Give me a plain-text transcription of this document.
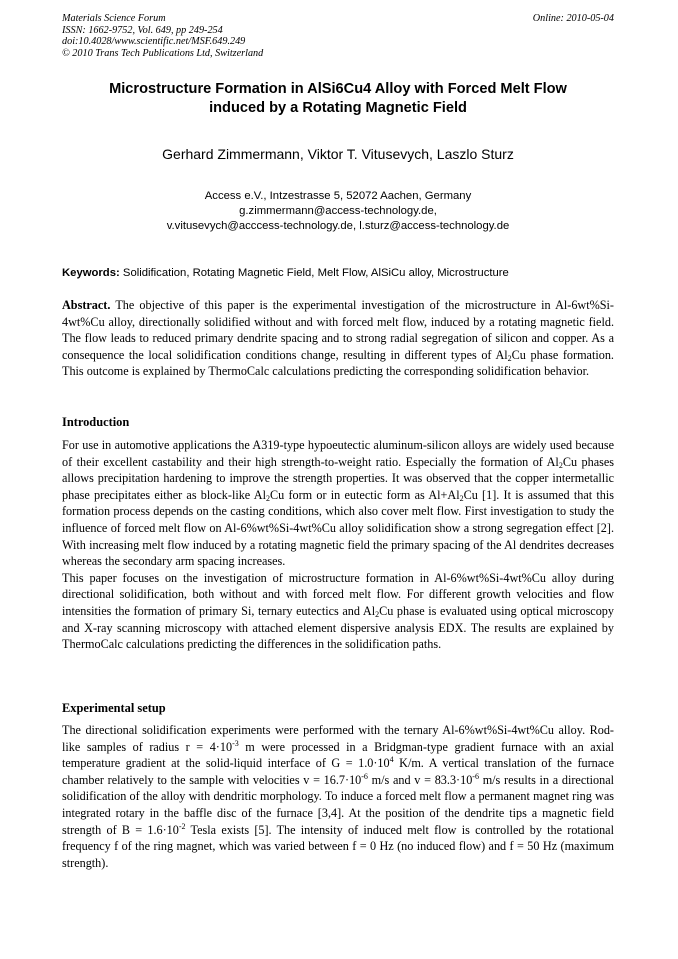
Materials Science Forum
ISSN: 1662-9752, Vol. 649, pp 249-254
doi:10.4028/www.scientific.net/MSF.649.249
© 2010 Trans Tech Publications Ltd, Switzerland
Online: 2010-05-04
Microstructure Formation in AlSi6Cu4 Alloy with Forced Melt Flow
induced by a Rotating Magnetic Field
Gerhard Zimmermann, Viktor T. Vitusevych, Laszlo Sturz
Access e.V., Intzestrasse 5, 52072 Aachen, Germany
g.zimmermann@access-technology.de,
v.vitusevych@acccess-technology.de, l.sturz@access-technology.de
Keywords: Solidification, Rotating Magnetic Field, Melt Flow, AlSiCu alloy, Microstructure

Abstract. The objective of this paper is the experimental investigation of the microstructure in Al-6wt%Si-4wt%Cu alloy, directionally solidified without and with forced melt flow, induced by a rotating magnetic field. The flow leads to reduced primary dendrite spacing and to strong radial segregation of silicon and copper. As a consequence the local solidification conditions change, resulting in different types of $Al_2Cu$ phase formation. This outcome is explained by ThermoCalc calculations predicting the corresponding solidification behavior.

Introduction

For use in automotive applications the A319-type hypoeutectic aluminum-silicon alloys are widely used because of their excellent castability and their high strength-to-weight ratio. Especially the formation of $Al_2Cu$ phases allows precipitation hardening to improve the strength properties. It was observed that the copper intermetallic phase precipitates either as block-like $Al_2Cu$ form or in eutectic form as $Al+Al_2Cu$ [1]. It is assumed that this formation process depends on the casting conditions, which also cover melt flow. First investigation to study the influence of forced melt flow on Al-6%wt%Si-4wt%Cu alloy solidification show a strong segregation effect [2]. With increasing melt flow induced by a rotating magnetic field the primary spacing of the Al dendrites decreases whereas the secondary arm spacing increases.

This paper focuses on the investigation of microstructure formation in Al-6%wt%Si-4wt%Cu alloy during directional solidification, both without and with forced melt flow. For different growth velocities and flow intensities the formation of primary Si, ternary eutectics and $Al_2Cu$ phase is evaluated using optical microscopy and X-ray scanning microscopy with attached element dispersive analysis EDX. The results are explained by ThermoCalc calculations predicting the differences in the solidification paths.

Experimental setup

The directional solidification experiments were performed with the ternary Al-6%wt%Si-4wt%Cu alloy. Rod-like samples of radius $r = 4\cdot 10^{-3}$ m were processed in a Bridgman-type gradient furnace with an axial temperature gradient at the solid-liquid interface of $G = 1.0\cdot 10^4$ K/m. A vertical translation of the furnace chamber relatively to the sample with velocities $v = 16.7\cdot 10^{-6}$ m/s and $v = 83.3\cdot 10^{-6}$ m/s results in a directional solidification of the alloy with dendritic morphology. To induce a forced melt flow a permanent magnet ring was integrated rotary in the baffle disc of the furnace [3,4]. At the position of the dendrite tips a magnetic field strength of $B = 1.6\cdot 10^{-2}$ Tesla exists [5]. The intensity of induced melt flow is controlled by the rotational frequency f of the ring magnet, which was varied between f = 0 Hz (no induced flow) and f = 50 Hz (maximum strength).
